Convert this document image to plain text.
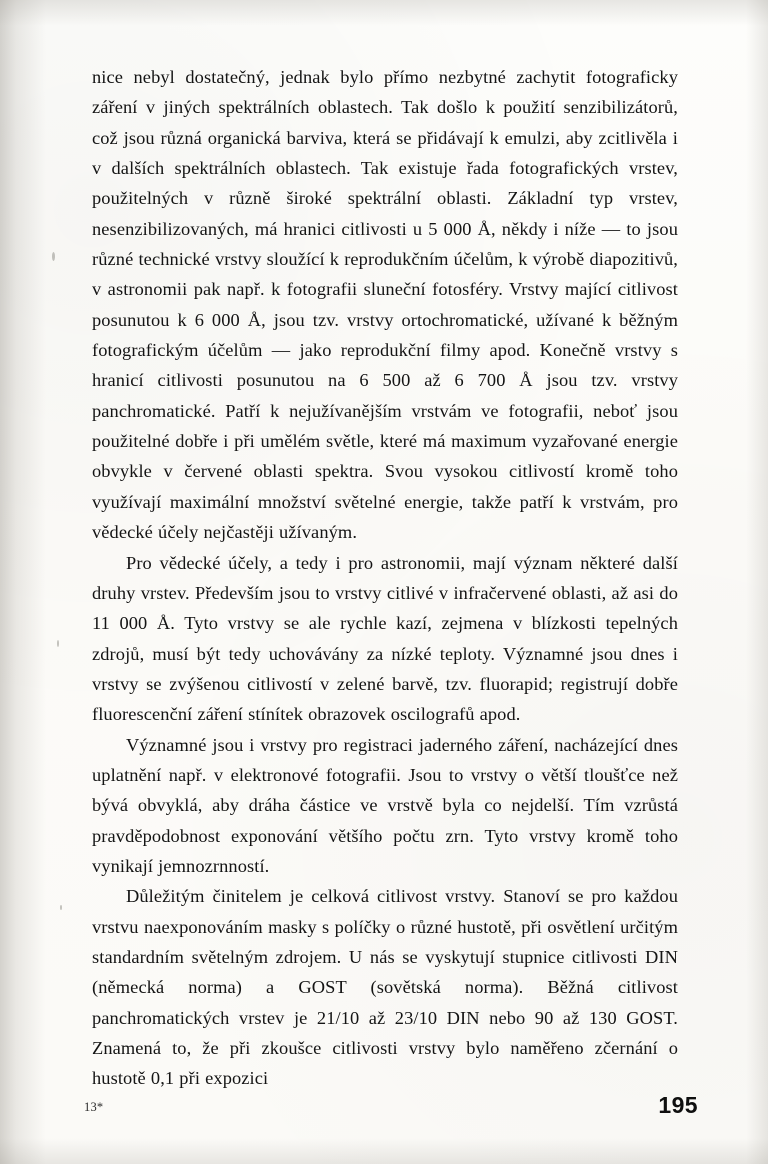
nice nebyl dostatečný, jednak bylo přímo nezbytné zachytit fotograficky záření v jiných spektrálních oblastech. Tak došlo k použití senzibilizátorů, což jsou různá organická barviva, která se přidávají k emulzi, aby zcitlivěla i v dalších spektrálních oblastech. Tak existuje řada fotografických vrstev, použitelných v různě široké spektrální oblasti. Základní typ vrstev, nesenzibilizovaných, má hranici citlivosti u 5 000 Å, někdy i níže — to jsou různé technické vrstvy sloužící k reprodukčním účelům, k výrobě diapozitivů, v astronomii pak např. k fotografii sluneční fotosféry. Vrstvy mající citlivost posunutou k 6 000 Å, jsou tzv. vrstvy ortochromatické, užívané k běžným fotografickým účelům — jako reprodukční filmy apod. Konečně vrstvy s hranicí citlivosti posunutou na 6 500 až 6 700 Å jsou tzv. vrstvy panchromatické. Patří k nejužívanějším vrstvám ve fotografii, neboť jsou použitelné dobře i při umělém světle, které má maximum vyzařované energie obvykle v červené oblasti spektra. Svou vysokou citlivostí kromě toho využívají maximální množství světelné energie, takže patří k vrstvám, pro vědecké účely nejčastěji užívaným.

Pro vědecké účely, a tedy i pro astronomii, mají význam některé další druhy vrstev. Především jsou to vrstvy citlivé v infračervené oblasti, až asi do 11 000 Å. Tyto vrstvy se ale rychle kazí, zejmena v blízkosti tepelných zdrojů, musí být tedy uchovávány za nízké teploty. Významné jsou dnes i vrstvy se zvýšenou citlivostí v zelené barvě, tzv. fluorapid; registrují dobře fluorescenční záření stínítek obrazovek oscilografů apod.

Významné jsou i vrstvy pro registraci jaderného záření, nacházející dnes uplatnění např. v elektronové fotografii. Jsou to vrstvy o větší tloušťce než bývá obvyklá, aby dráha částice ve vrstvě byla co nejdelší. Tím vzrůstá pravděpodobnost exponování většího počtu zrn. Tyto vrstvy kromě toho vynikají jemnozrnností.

Důležitým činitelem je celková citlivost vrstvy. Stanoví se pro každou vrstvu naexponováním masky s políčky o různé hustotě, při osvětlení určitým standardním světelným zdrojem. U nás se vyskytují stupnice citlivosti DIN (německá norma) a GOST (sovětská norma). Běžná citlivost panchromatických vrstev je 21/10 až 23/10 DIN nebo 90 až 130 GOST. Znamená to, že při zkoušce citlivosti vrstvy bylo naměřeno zčernání o hustotě 0,1 při expozici

13*	195
